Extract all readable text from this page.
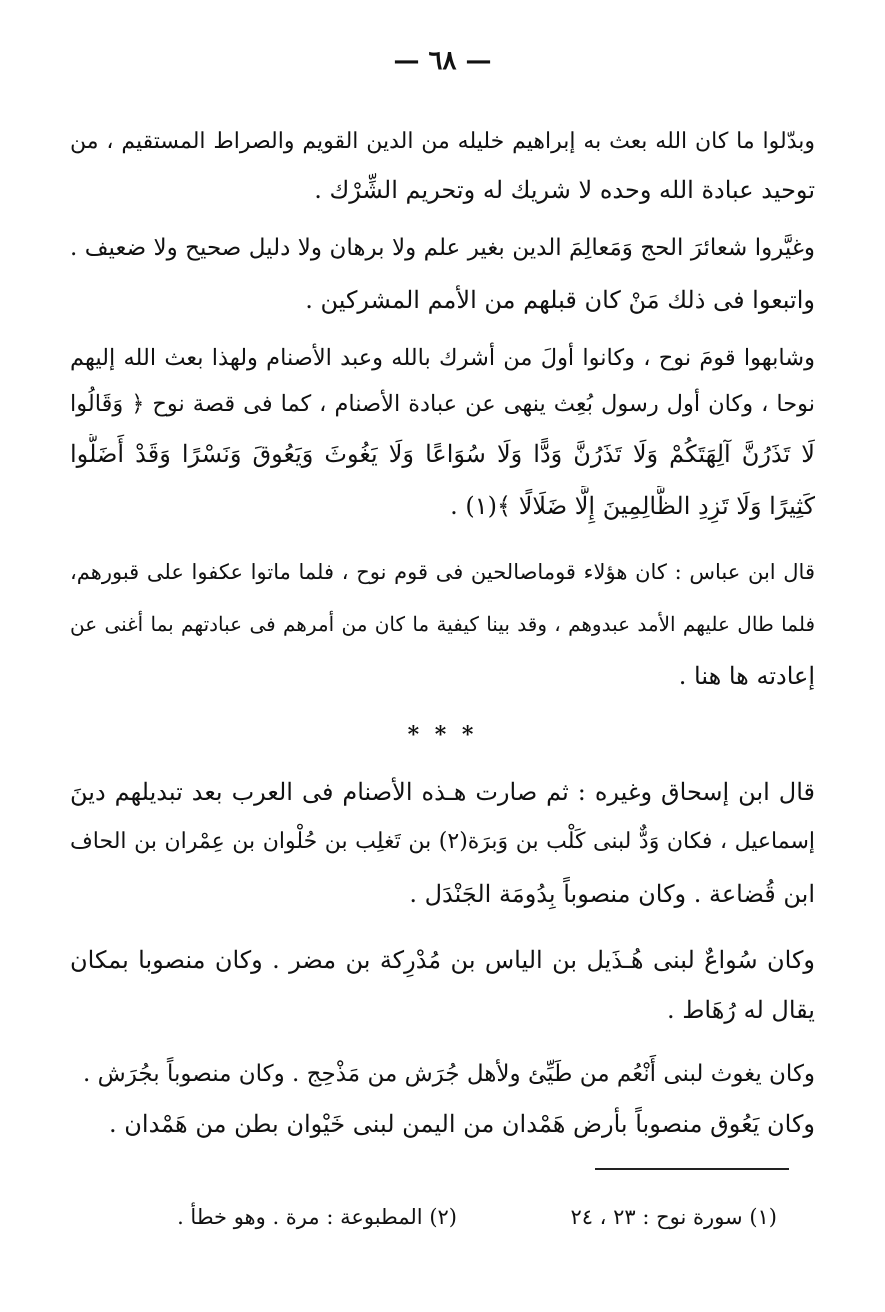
— ٦٨ —
وبدّلوا ما كان الله بعث به إبراهيم خليله من الدين القويم والصراط المستقيم ، من
توحيد عبادة الله وحده لا شريك له وتحريم الشِّرْك .
وغيَّروا شعائرَ الحج وَمَعالِمَ الدين بغير علم ولا برهان ولا دليل صحيح ولا ضعيف .
واتبعوا فى ذلك مَنْ كان قبلهم من الأمم المشركين .
وشابهوا قومَ نوح ، وكانوا أولَ من أشرك بالله وعبد الأصنام ولهذا بعث الله إليهم
نوحا ، وكان أول رسول بُعِث ينهى عن عبادة الأصنام ، كما فى قصة نوح ﴿ وَقَالُوا
لَا تَذَرُنَّ آلِهَتَكُمْ وَلَا تَذَرُنَّ وَدًّا وَلَا سُوَاعًا وَلَا يَغُوثَ وَيَعُوقَ وَنَسْرًا وَقَدْ أَضَلُّوا
كَثِيرًا وَلَا تَزِدِ الظَّالِمِينَ إِلَّا ضَلَالًا ﴾(١) .
قال ابن عباس : كان هؤلاء قوماصالحين فى قوم نوح ، فلما ماتوا عكفوا على قبورهم،
فلما طال عليهم الأمد عبدوهم ، وقد بينا كيفية ما كان من أمرهم فى عبادتهم بما أغنى عن
إعادته ها هنا .
* * *
قال ابن إسحاق وغيره : ثم صارت هـذه الأصنام فى العرب بعد تبديلهم دينَ
إسماعيل ، فكان وَدٌّ لبنى كَلْب بن وَبرَة(٢) بن تَغلِب بن حُلْوان بن عِمْران بن الحاف
ابن قُضاعة . وكان منصوباً بِدُومَة الجَنْدَل .
وكان سُواعٌ لبنى هُـذَيل بن الياس بن مُدْرِكة بن مضر . وكان منصوبا بمكان
يقال له رُهَاط .
وكان يغوث لبنى أَنْعُم من طَيِّئ ولأهل جُرَش من مَذْحِج . وكان منصوباً بجُرَش .
وكان يَعُوق منصوباً بأرض هَمْدان من اليمن لبنى خَيْوان بطن من هَمْدان .
(١) سورة نوح : ٢٣ ، ٢٤
(٢) المطبوعة : مرة . وهو خطأ .
